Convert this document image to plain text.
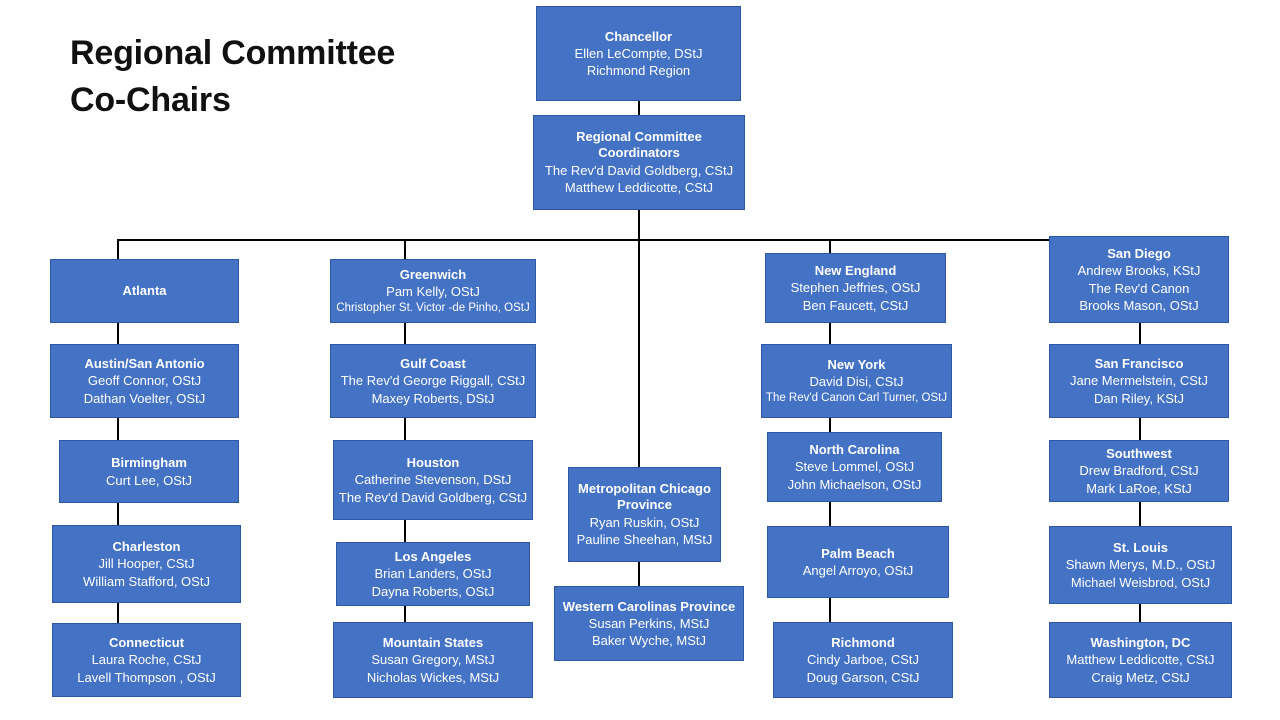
Regional Committee
Co-Chairs
Chancellor
Ellen LeCompte, DStJ
Richmond Region
Regional Committee
Coordinators
The Rev'd David Goldberg, CStJ
Matthew Leddicotte, CStJ
Atlanta
Austin/San Antonio
Geoff Connor, OStJ
Dathan Voelter, OStJ
Birmingham
Curt Lee, OStJ
Charleston
Jill Hooper, CStJ
William Stafford, OStJ
Connecticut
Laura Roche, CStJ
Lavell Thompson , OStJ
Greenwich
Pam Kelly, OStJ
Christopher St. Victor -de Pinho, OStJ
Gulf Coast
The Rev'd George Riggall, CStJ
Maxey Roberts, DStJ
Houston
Catherine Stevenson, DStJ
The Rev'd David Goldberg, CStJ
Los Angeles
Brian Landers, OStJ
Dayna Roberts, OStJ
Mountain States
Susan Gregory, MStJ
Nicholas Wickes, MStJ
Metropolitan Chicago
Province
Ryan Ruskin, OStJ
Pauline Sheehan, MStJ
Western Carolinas Province
Susan Perkins, MStJ
Baker Wyche, MStJ
New England
Stephen Jeffries, OStJ
Ben Faucett, CStJ
New York
David Disi, CStJ
The Rev'd Canon Carl Turner, OStJ
North Carolina
Steve Lommel, OStJ
John Michaelson, OStJ
Palm Beach
Angel Arroyo, OStJ
Richmond
Cindy Jarboe, CStJ
Doug Garson, CStJ
San Diego
Andrew Brooks, KStJ
The Rev'd Canon
Brooks Mason, OStJ
San Francisco
Jane Mermelstein, CStJ
Dan Riley, KStJ
Southwest
Drew Bradford, CStJ
Mark LaRoe, KStJ
St. Louis
Shawn Merys, M.D., OStJ
Michael Weisbrod, OStJ
Washington, DC
Matthew Leddicotte, CStJ
Craig Metz, CStJ
